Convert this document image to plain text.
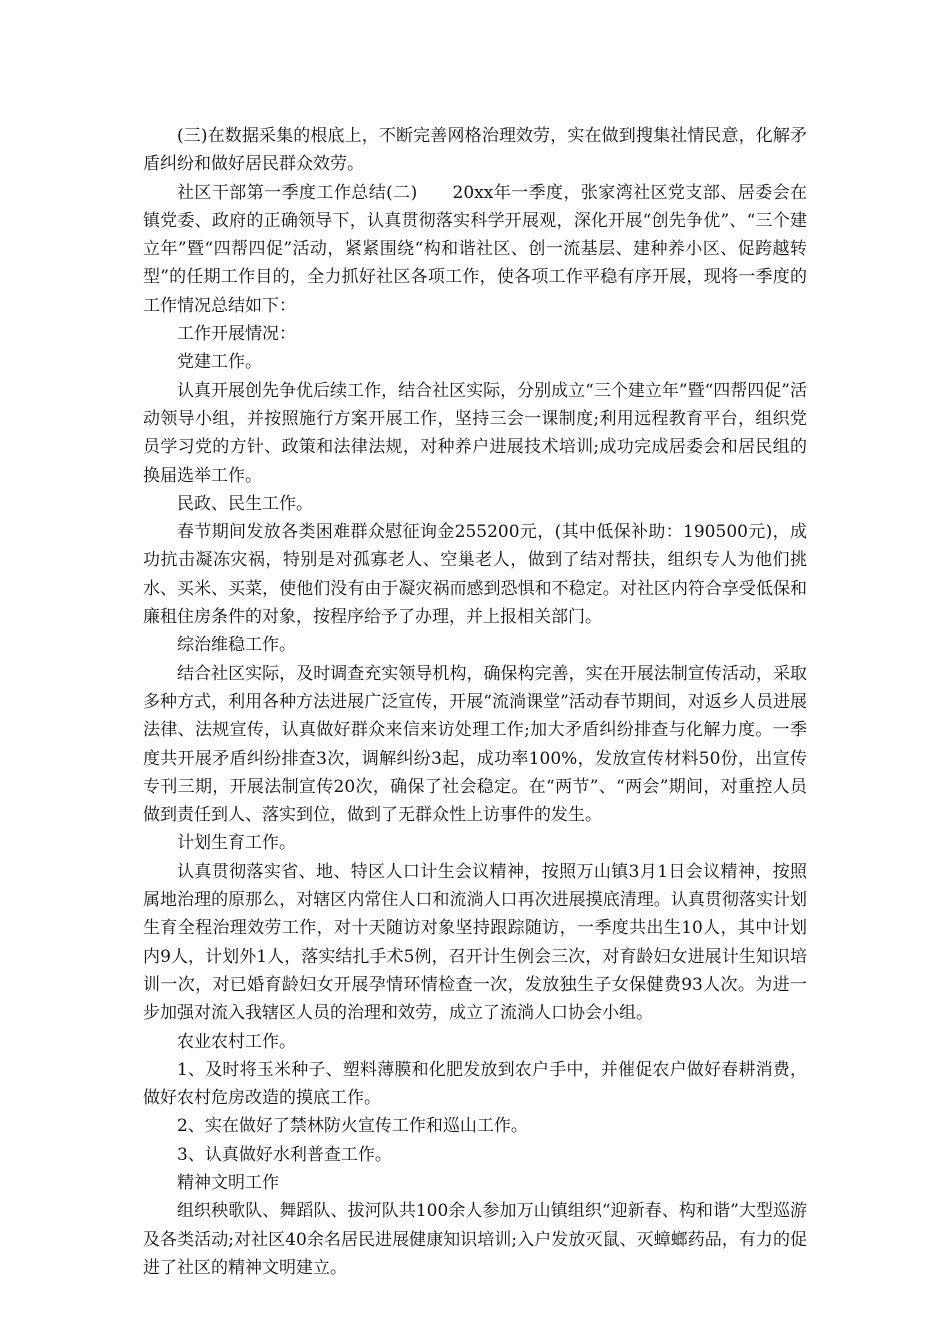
(三)在数据采集的根底上，不断完善网格治理效劳，实在做到搜集社情民意，化解矛盾纠纷和做好居民群众效劳。

社区干部第一季度工作总结(二)　　20xx年一季度，张家湾社区党支部、居委会在镇党委、政府的正确领导下，认真贯彻落实科学开展观，深化开展“创先争优”、“三个建立年”暨“四帮四促”活动，紧紧围绕“构和谐社区、创一流基层、建种养小区、促跨越转型”的任期工作目的，全力抓好社区各项工作，使各项工作平稳有序开展，现将一季度的工作情况总结如下：

工作开展情况：

党建工作。

认真开展创先争优后续工作，结合社区实际，分别成立“三个建立年”暨“四帮四促”活动领导小组，并按照施行方案开展工作，坚持三会一课制度;利用远程教育平台，组织党员学习党的方针、政策和法律法规，对种养户进展技术培训;成功完成居委会和居民组的换届选举工作。

民政、民生工作。

春节期间发放各类困难群众慰征询金255200元，(其中低保补助：190500元)，成功抗击凝冻灾祸，特别是对孤寡老人、空巢老人，做到了结对帮扶，组织专人为他们挑水、买米、买菜，使他们没有由于凝灾祸而感到恐惧和不稳定。对社区内符合享受低保和廉租住房条件的对象，按程序给予了办理，并上报相关部门。

综治维稳工作。

结合社区实际，及时调查充实领导机构，确保构完善，实在开展法制宣传活动，采取多种方式，利用各种方法进展广泛宣传，开展“流淌课堂”活动春节期间，对返乡人员进展法律、法规宣传，认真做好群众来信来访处理工作;加大矛盾纠纷排查与化解力度。一季度共开展矛盾纠纷排查3次，调解纠纷3起，成功率100%，发放宣传材料50份，出宣传专刊三期，开展法制宣传20次，确保了社会稳定。在“两节”、“两会”期间，对重控人员做到责任到人、落实到位，做到了无群众性上访事件的发生。

计划生育工作。

认真贯彻落实省、地、特区人口计生会议精神，按照万山镇3月1日会议精神，按照属地治理的原那么，对辖区内常住人口和流淌人口再次进展摸底清理。认真贯彻落实计划生育全程治理效劳工作，对十天随访对象坚持跟踪随访，一季度共出生10人，其中计划内9人，计划外1人，落实结扎手术5例，召开计生例会三次，对育龄妇女进展计生知识培训一次，对已婚育龄妇女开展孕情环情检查一次，发放独生子女保健费93人次。为进一步加强对流入我辖区人员的治理和效劳，成立了流淌人口协会小组。

农业农村工作。

1、及时将玉米种子、塑料薄膜和化肥发放到农户手中，并催促农户做好春耕消费，做好农村危房改造的摸底工作。

2、实在做好了禁林防火宣传工作和巡山工作。

3、认真做好水利普查工作。

精神文明工作

组织秧歌队、舞蹈队、拔河队共100余人参加万山镇组织“迎新春、构和谐”大型巡游及各类活动;对社区40余名居民进展健康知识培训;入户发放灭鼠、灭蟑螂药品，有力的促进了社区的精神文明建立。
